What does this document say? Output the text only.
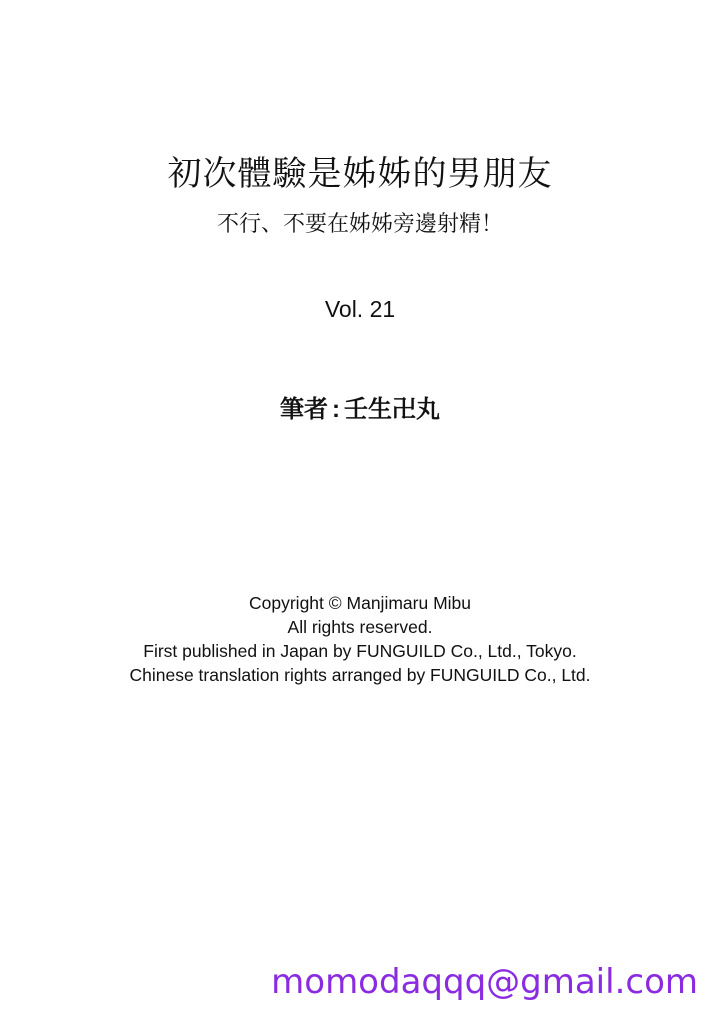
初次體驗是姊姊的男朋友
不行、不要在姊姊旁邊射精！
Vol. 21
筆者 : 壬生卍丸
Copyright © Manjimaru Mibu
All rights reserved.
First published in Japan by FUNGUILD Co., Ltd., Tokyo.
Chinese translation rights arranged by FUNGUILD Co., Ltd.
momodaqqq@gmail.com
